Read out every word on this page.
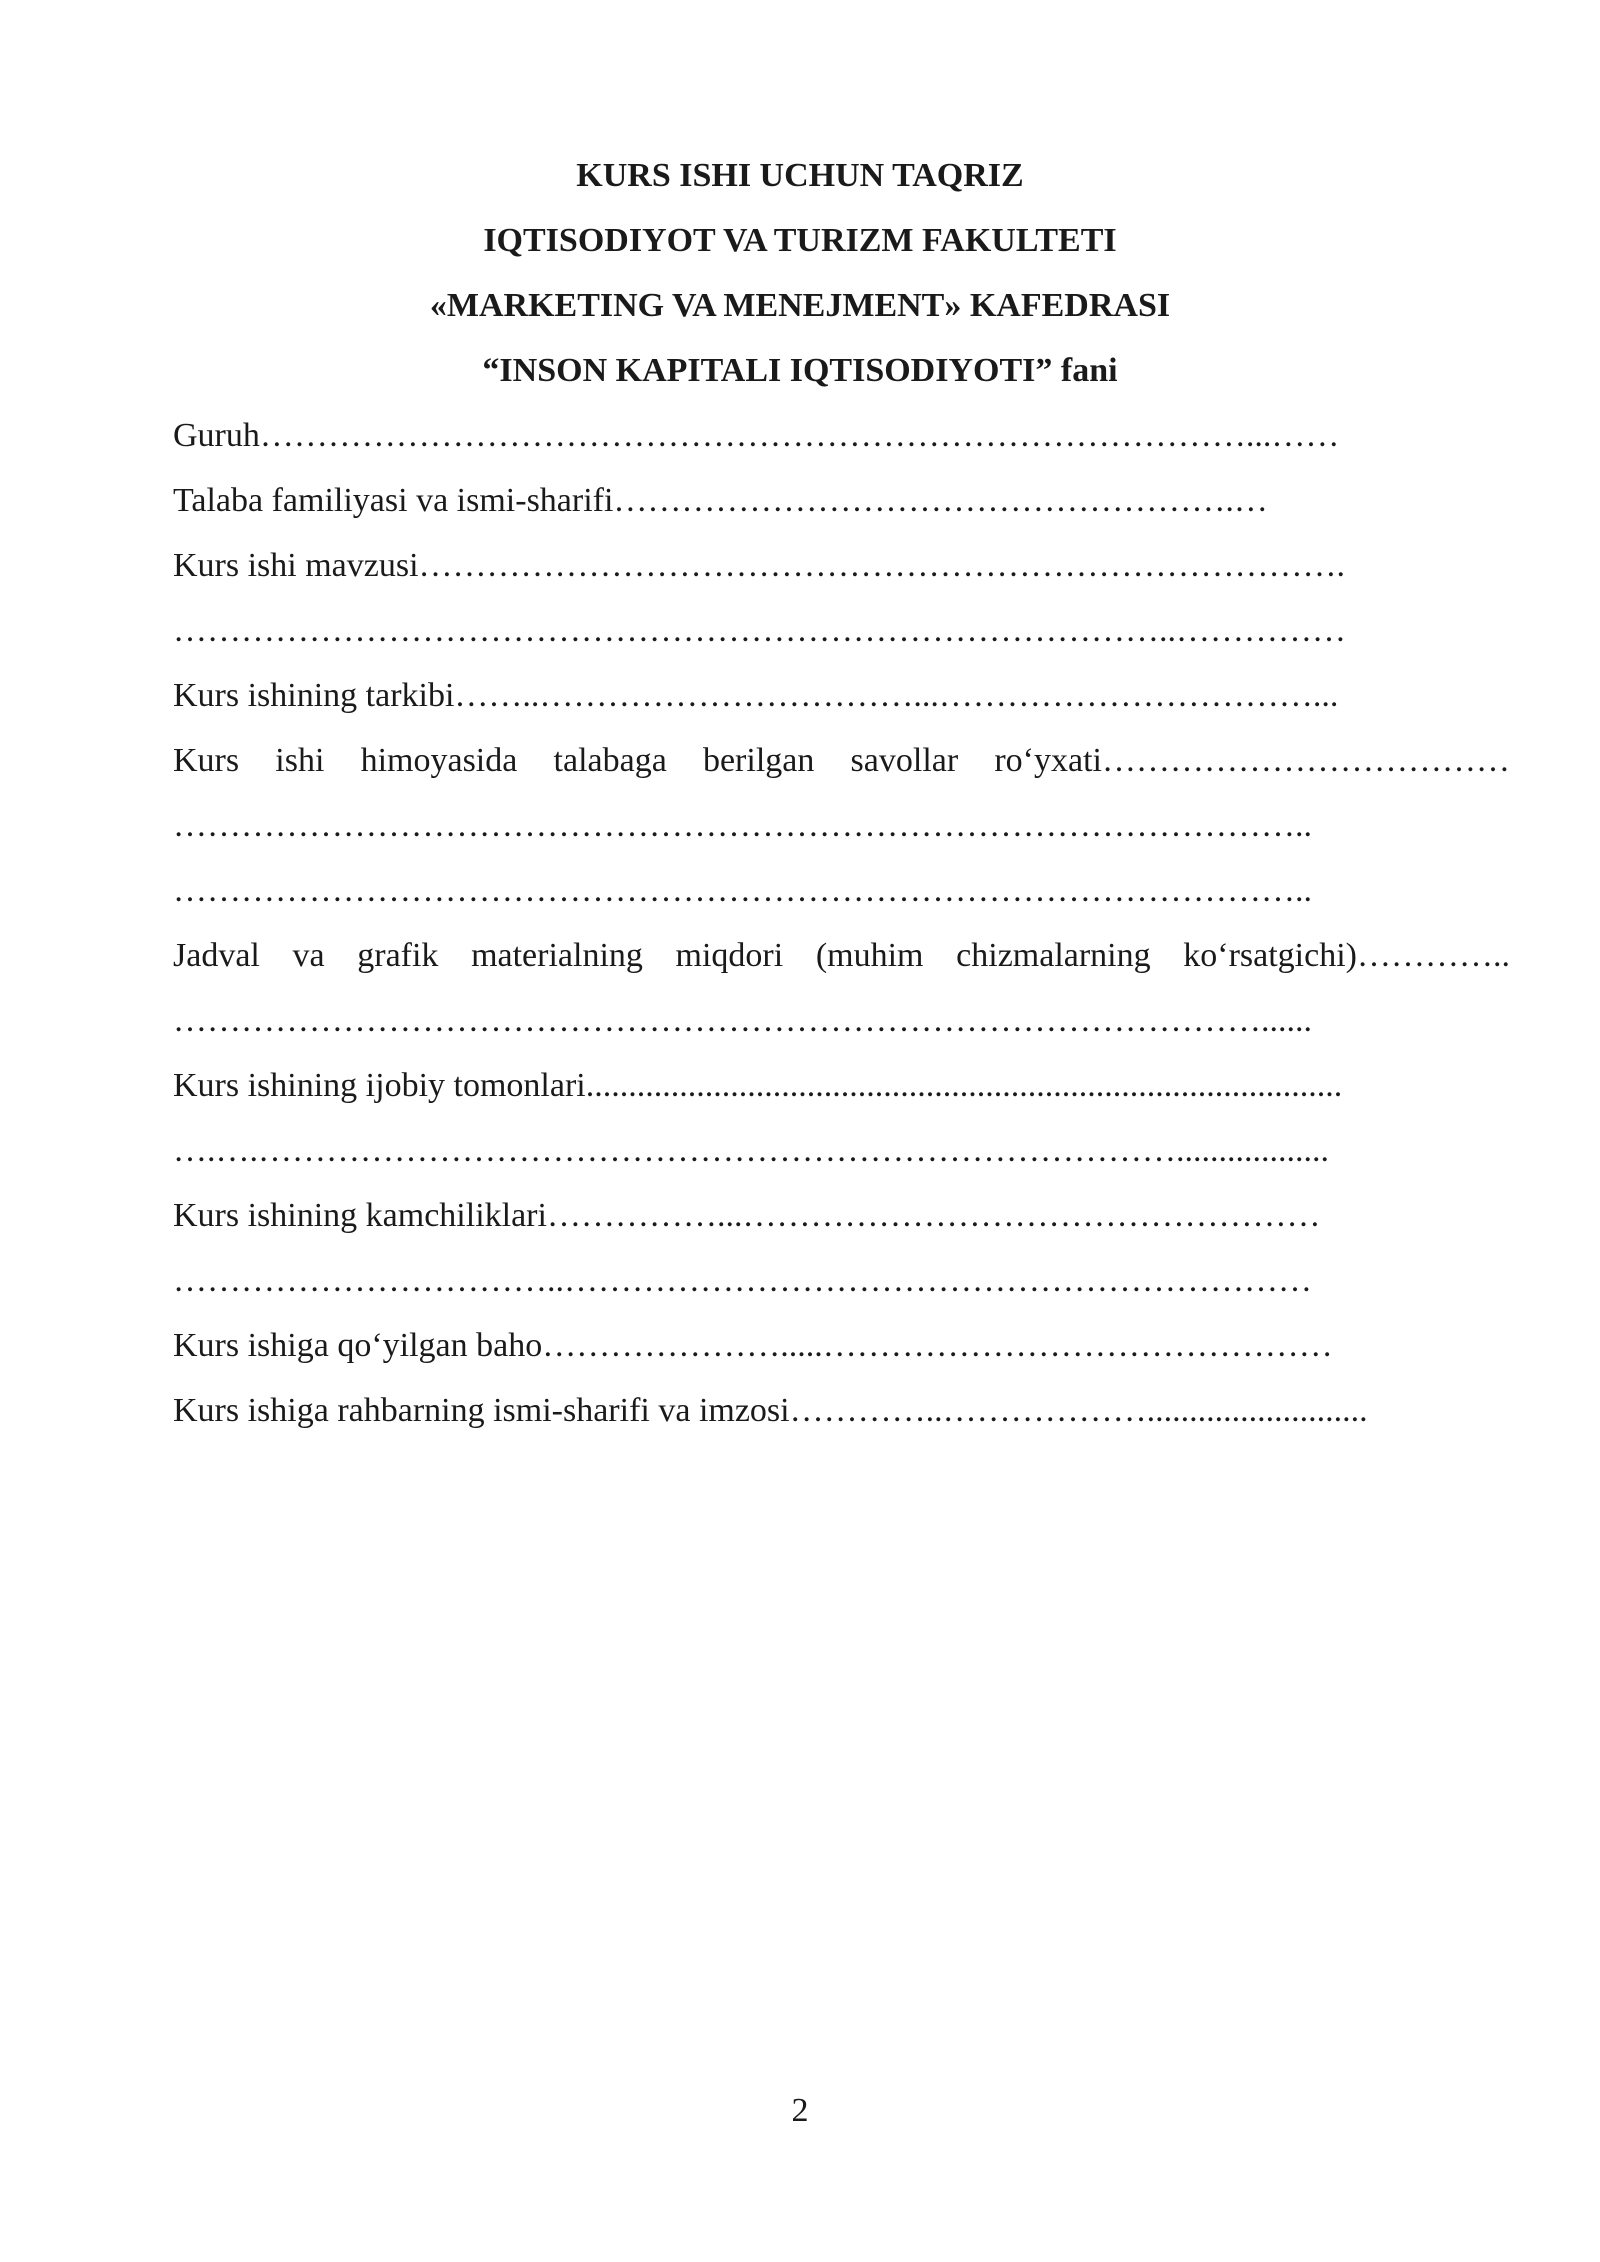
KURS ISHI UCHUN TAQRIZ
IQTISODIYOT VA TURIZM FAKULTETI
«MARKETING VA MENEJMENT» KAFEDRASI
“INSON KAPITALI IQTISODIYOTI” fani
Guruh……………………………………………………………………………...……
Talaba familiyasi va ismi-sharifi……………………………………………….…
Kurs ishi mavzusi……………………………………………………………………….
……………………………………………………………………………..……………
Kurs ishining tarkibi……..……………………………...……………………………...
Kurs ishi himoyasida talabaga berilgan savollar ro‘yxati………………………………
………………………………………………………………………………………..
………………………………………………………………………………………..
Jadval va grafik materialning miqdori (muhim chizmalarning ko‘rsatgichi)…………..
……………………………………………………………………………………......
Kurs ishining ijobiy tomonlari.........................................................................................
….….………………………………………………………………………..................
Kurs ishining kamchiliklari……………...……………………………………………
……………………………..…………………………………………………………
Kurs ishiga qo‘yilgan baho………………….....………………………………………
Kurs ishiga rahbarning ismi-sharifi va imzosi…………..………………..........................
2
